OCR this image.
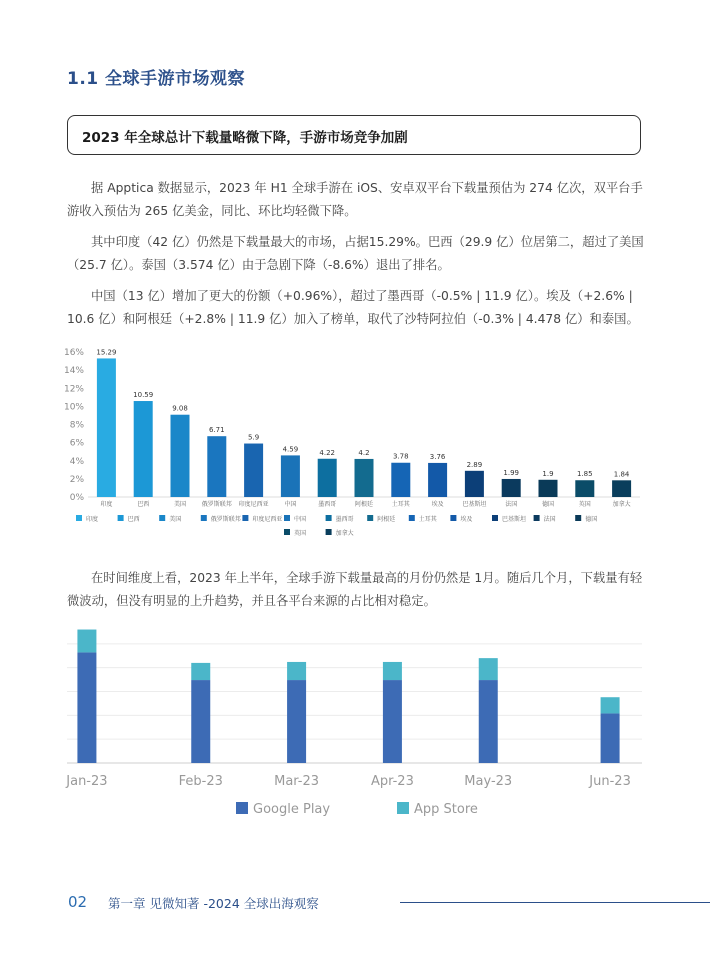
1.1 全球手游市场观察
2023 年全球总计下载量略微下降，手游市场竞争加剧

据 Apptica 数据显示，2023 年 H1 全球手游在 iOS、安卓双平台下载量预估为 274 亿次，双平台手游收入预估为 265 亿美金，同比、环比均轻微下降。

其中印度（42 亿）仍然是下载量最大的市场，占据15.29%。巴西（29.9 亿）位居第二，超过了美国（25.7 亿）。泰国（3.574 亿）由于急剧下降（-8.6%）退出了排名。

中国（13 亿）增加了更大的份额（+0.96%），超过了墨西哥（-0.5% | 11.9 亿）。埃及（+2.6% | 10.6 亿）和阿根廷（+2.8% | 11.9 亿）加入了榜单，取代了沙特阿拉伯（-0.3% | 4.478 亿）和泰国。

0%
2%
4%
6%
8%
10%
12%
14%
16% 15.29
印度
10.59
巴西
9.08
美国
6.71
俄罗斯联邦
5.9
印度尼西亚
4.59
中国
4.22
墨西哥
4.2
阿根廷
3.78
土耳其
3.76
埃及
2.89
巴基斯坦
1.99
法国
1.9
德国
1.85
英国
1.84
加拿大
印度	巴西	美国	俄罗斯联邦 印度尼西亚 中国	墨西哥	阿根廷	土耳其	埃及	巴基斯坦	法国	德国
英国	加拿大

在时间维度上看，2023 年上半年，全球手游下载量最高的月份仍然是 1月。随后几个月，下载量有轻微波动，但没有明显的上升趋势，并且各平台来源的占比相对稳定。

Jan-23	Feb-23	Mar-23	Apr-23	May-23	Jun-23
Google Play	App Store
02 第一章 见微知著 -2024 全球出海观察
